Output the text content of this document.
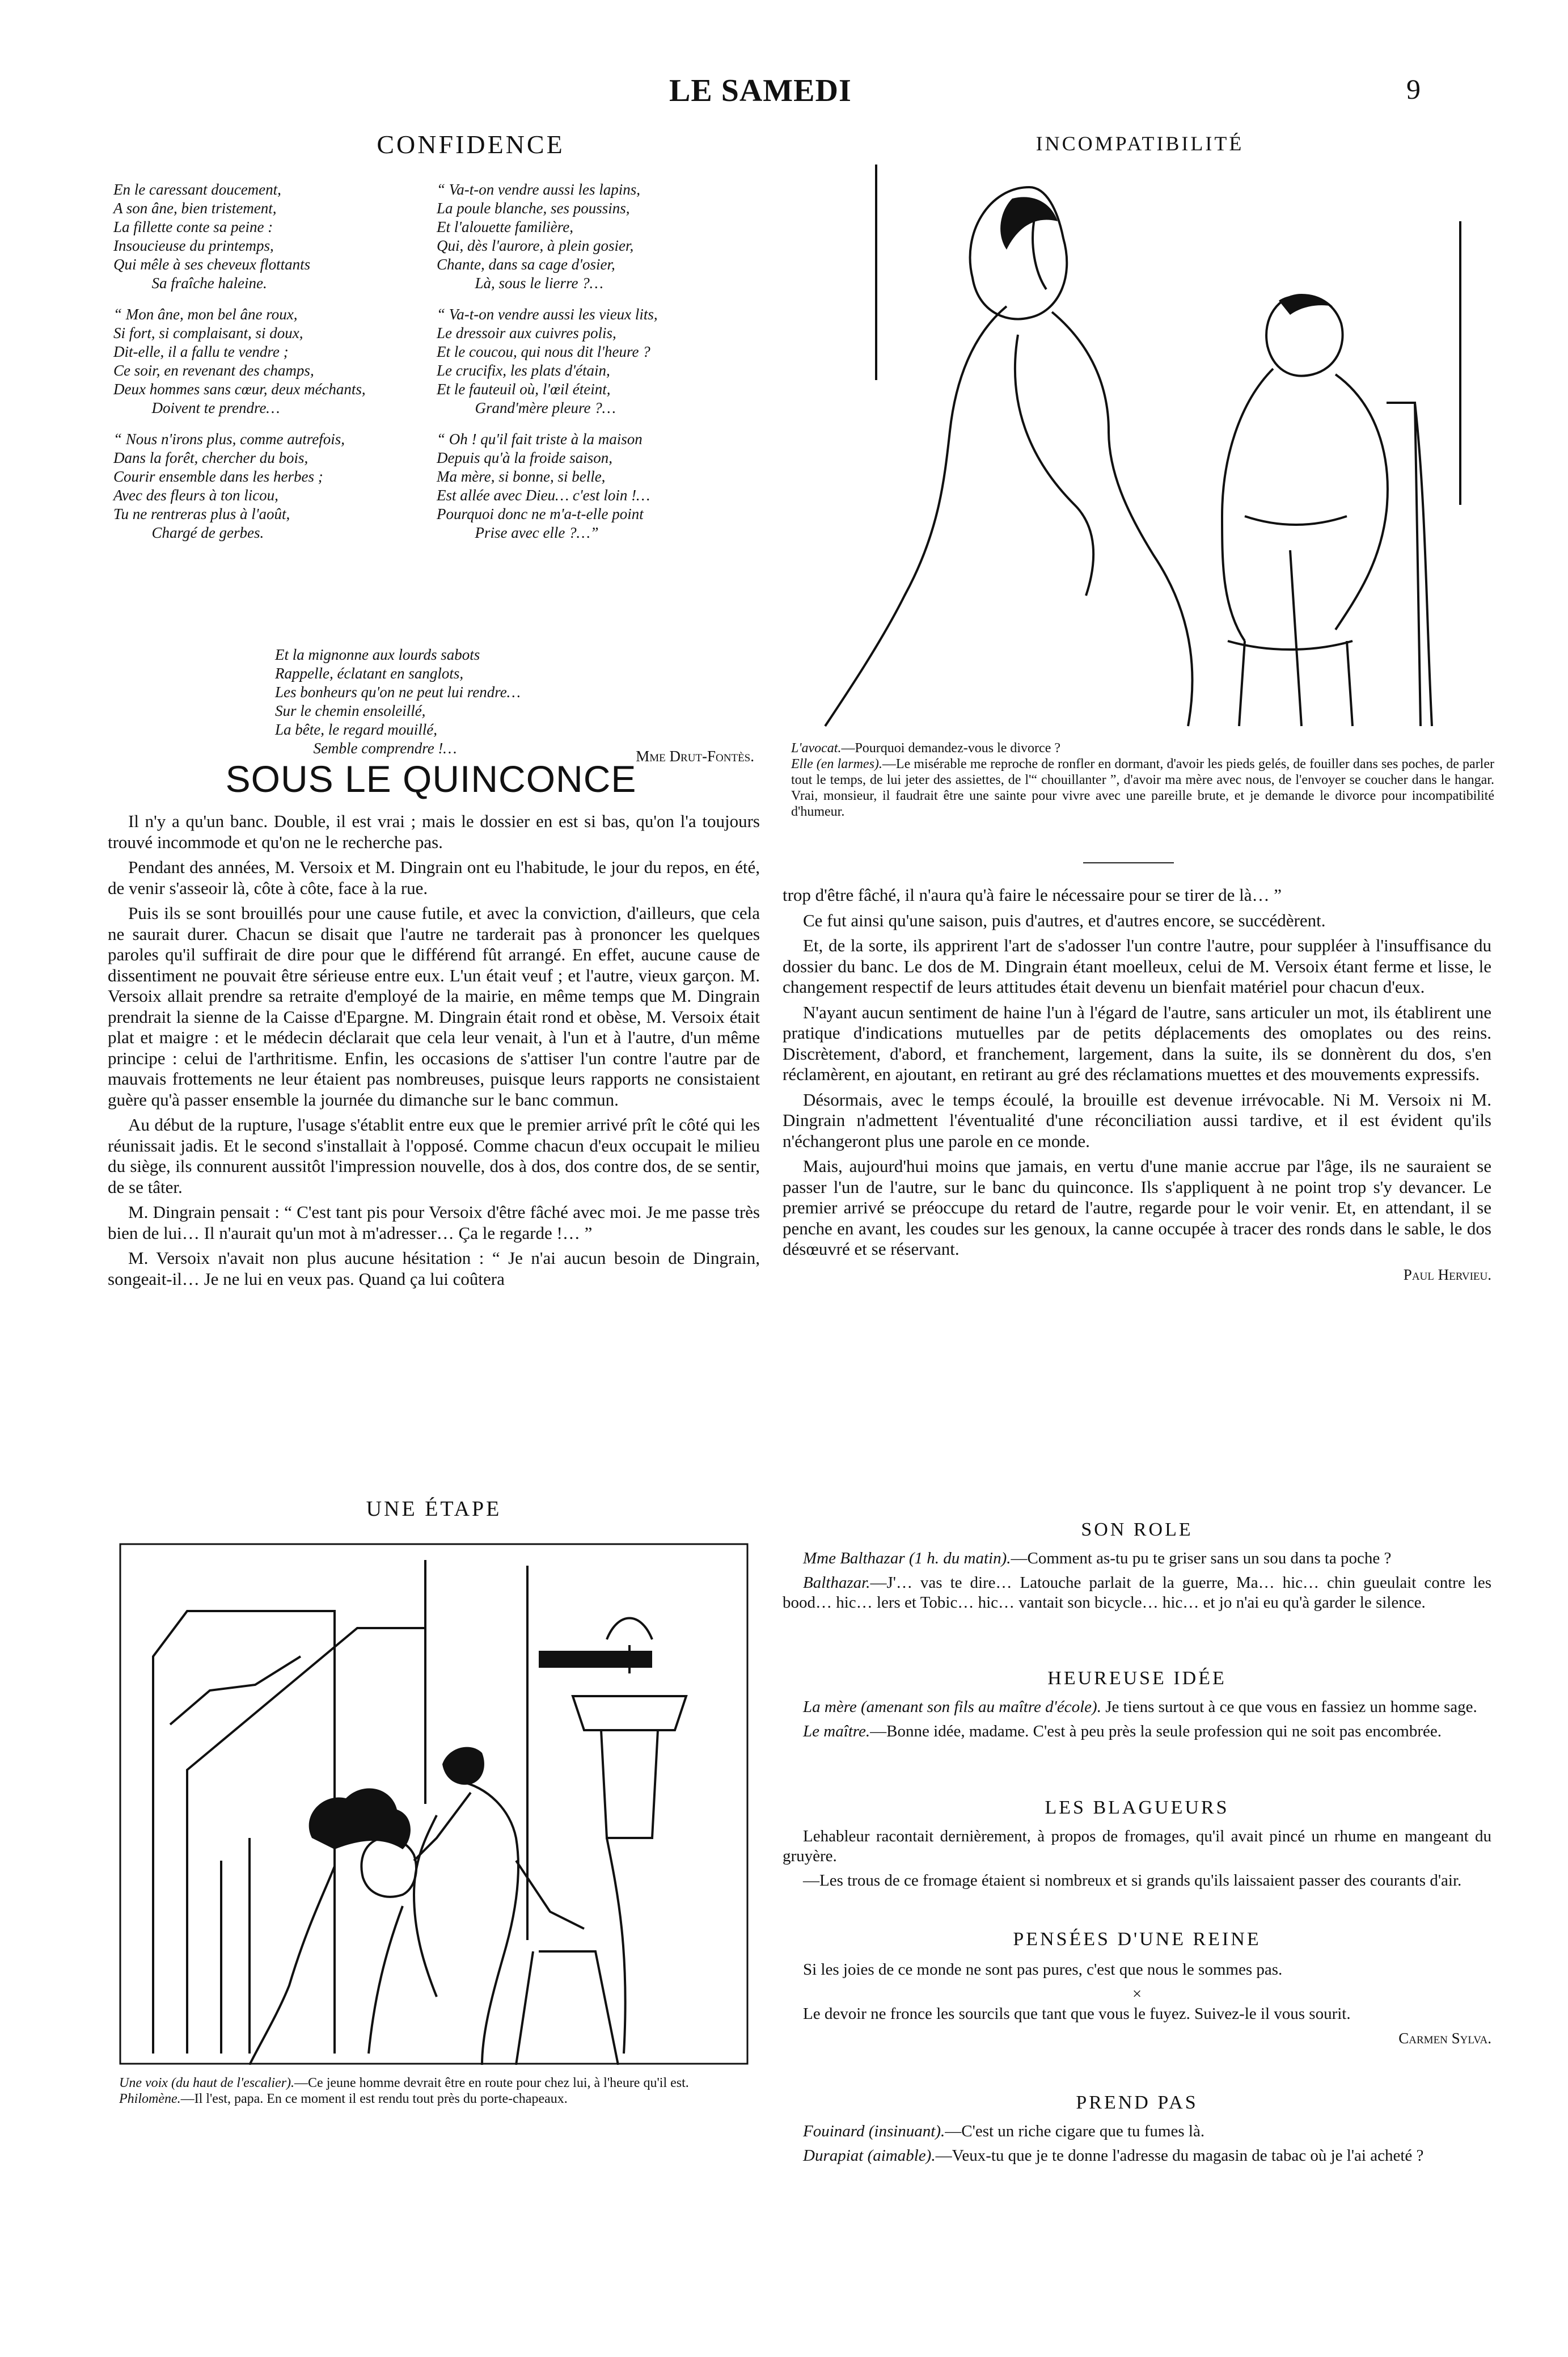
LE SAMEDI	9
CONFIDENCE
En le caressant doucement,
A son âne, bien tristement,
La fillette conte sa peine :
Insoucieuse du printemps,
Qui mêle à ses cheveux flottants
Sa fraîche haleine.
“ Mon âne, mon bel âne roux,
Si fort, si complaisant, si doux,
Dit-elle, il a fallu te vendre ;
Ce soir, en revenant des champs,
Deux hommes sans cœur, deux méchants,
Doivent te prendre…
“ Nous n'irons plus, comme autrefois,
Dans la forêt, chercher du bois,
Courir ensemble dans les herbes ;
Avec des fleurs à ton licou,
Tu ne rentreras plus à l'août,
Chargé de gerbes.
“ Va-t-on vendre aussi les lapins,
La poule blanche, ses poussins,
Et l'alouette familière,
Qui, dès l'aurore, à plein gosier,
Chante, dans sa cage d'osier,
Là, sous le lierre ?…
“ Va-t-on vendre aussi les vieux lits,
Le dressoir aux cuivres polis,
Et le coucou, qui nous dit l'heure ?
Le crucifix, les plats d'étain,
Et le fauteuil où, l'œil éteint,
Grand'mère pleure ?…
“ Oh ! qu'il fait triste à la maison
Depuis qu'à la froide saison,
Ma mère, si bonne, si belle,
Est allée avec Dieu… c'est loin !…
Pourquoi donc ne m'a-t-elle point
Prise avec elle ?…”
Et la mignonne aux lourds sabots
Rappelle, éclatant en sanglots,
Les bonheurs qu'on ne peut lui rendre…
Sur le chemin ensoleillé,
La bête, le regard mouillé,
Semble comprendre !…	Mme Drut-Fontès.
INCOMPATIBILITÉ
L'avocat.—Pourquoi demandez-vous le divorce ?
Elle (en larmes).—Le misérable me reproche de ronfler en dormant, d'avoir les pieds gelés, de fouiller dans ses poches, de parler tout le temps, de lui jeter des assiettes, de l'“ chouillanter ”, d'avoir ma mère avec nous, de l'envoyer se coucher dans le hangar. Vrai, monsieur, il faudrait être une sainte pour vivre avec une pareille brute, et je demande le divorce pour incompatibilité d'humeur.
SOUS LE QUINCONCE

Il n'y a qu'un banc. Double, il est vrai ; mais le dossier en est si bas, qu'on l'a toujours trouvé incommode et qu'on ne le recherche pas.

Pendant des années, M. Versoix et M. Dingrain ont eu l'habitude, le jour du repos, en été, de venir s'asseoir là, côte à côte, face à la rue.

Puis ils se sont brouillés pour une cause futile, et avec la conviction, d'ailleurs, que cela ne saurait durer. Chacun se disait que l'autre ne tarderait pas à prononcer les quelques paroles qu'il suffirait de dire pour que le différend fût arrangé. En effet, aucune cause de dissentiment ne pouvait être sérieuse entre eux. L'un était veuf ; et l'autre, vieux garçon. M. Versoix allait prendre sa retraite d'employé de la mairie, en même temps que M. Dingrain prendrait la sienne de la Caisse d'Epargne. M. Dingrain était rond et obèse, M. Versoix était plat et maigre : et le médecin déclarait que cela leur venait, à l'un et à l'autre, d'un même principe : celui de l'arthritisme. Enfin, les occasions de s'attiser l'un contre l'autre par de mauvais frottements ne leur étaient pas nombreuses, puisque leurs rapports ne consistaient guère qu'à passer ensemble la journée du dimanche sur le banc commun.

Au début de la rupture, l'usage s'établit entre eux que le premier arrivé prît le côté qui les réunissait jadis. Et le second s'installait à l'opposé. Comme chacun d'eux occupait le milieu du siège, ils connurent aussitôt l'impression nouvelle, dos à dos, dos contre dos, de se sentir, de se tâter.

M. Dingrain pensait : “ C'est tant pis pour Versoix d'être fâché avec moi. Je me passe très bien de lui… Il n'aurait qu'un mot à m'adresser… Ça le regarde !… ”

M. Versoix n'avait non plus aucune hésitation : “ Je n'ai aucun besoin de Dingrain, songeait-il… Je ne lui en veux pas. Quand ça lui coûtera

trop d'être fâché, il n'aura qu'à faire le nécessaire pour se tirer de là… ”

Ce fut ainsi qu'une saison, puis d'autres, et d'autres encore, se succédèrent.

Et, de la sorte, ils apprirent l'art de s'adosser l'un contre l'autre, pour suppléer à l'insuffisance du dossier du banc. Le dos de M. Dingrain étant moelleux, celui de M. Versoix étant ferme et lisse, le changement respectif de leurs attitudes était devenu un bienfait matériel pour chacun d'eux.

N'ayant aucun sentiment de haine l'un à l'égard de l'autre, sans articuler un mot, ils établirent une pratique d'indications mutuelles par de petits déplacements des omoplates ou des reins. Discrètement, d'abord, et franchement, largement, dans la suite, ils se donnèrent du dos, s'en réclamèrent, en ajoutant, en retirant au gré des réclamations muettes et des mouvements expressifs.

Désormais, avec le temps écoulé, la brouille est devenue irrévocable. Ni M. Versoix ni M. Dingrain n'admettent l'éventualité d'une réconciliation aussi tardive, et il est évident qu'ils n'échangeront plus une parole en ce monde.

Mais, aujourd'hui moins que jamais, en vertu d'une manie accrue par l'âge, ils ne sauraient se passer l'un de l'autre, sur le banc du quinconce. Ils s'appliquent à ne point trop s'y devancer. Le premier arrivé se préoccupe du retard de l'autre, regarde pour le voir venir. Et, en attendant, il se penche en avant, les coudes sur les genoux, la canne occupée à tracer des ronds dans le sable, le dos désœuvré et se réservant.

Paul Hervieu.
UNE ÉTAPE
Une voix (du haut de l'escalier).—Ce jeune homme devrait être en route pour chez lui, à l'heure qu'il est.
Philomène.—Il l'est, papa. En ce moment il est rendu tout près du porte-chapeaux.
SON ROLE

Mme Balthazar (1 h. du matin).—Comment as-tu pu te griser sans un sou dans ta poche ?

Balthazar.—J'… vas te dire… Latouche parlait de la guerre, Ma… hic… chin gueulait contre les bood… hic… lers et Tobic… hic… vantait son bicycle… hic… et jo n'ai eu qu'à garder le silence.

HEUREUSE IDÉE

La mère (amenant son fils au maître d'école). Je tiens surtout à ce que vous en fassiez un homme sage.

Le maître.—Bonne idée, madame. C'est à peu près la seule profession qui ne soit pas encombrée.

LES BLAGUEURS

Lehableur racontait dernièrement, à propos de fromages, qu'il avait pincé un rhume en mangeant du gruyère.

—Les trous de ce fromage étaient si nombreux et si grands qu'ils laissaient passer des courants d'air.

PENSÉES D'UNE REINE

Si les joies de ce monde ne sont pas pures, c'est que nous le sommes pas.

×

Le devoir ne fronce les sourcils que tant que vous le fuyez. Suivez-le il vous sourit.

Carmen Sylva.
PREND PAS

Fouinard (insinuant).—C'est un riche cigare que tu fumes là.

Durapiat (aimable).—Veux-tu que je te donne l'adresse du magasin de tabac où je l'ai acheté ?
